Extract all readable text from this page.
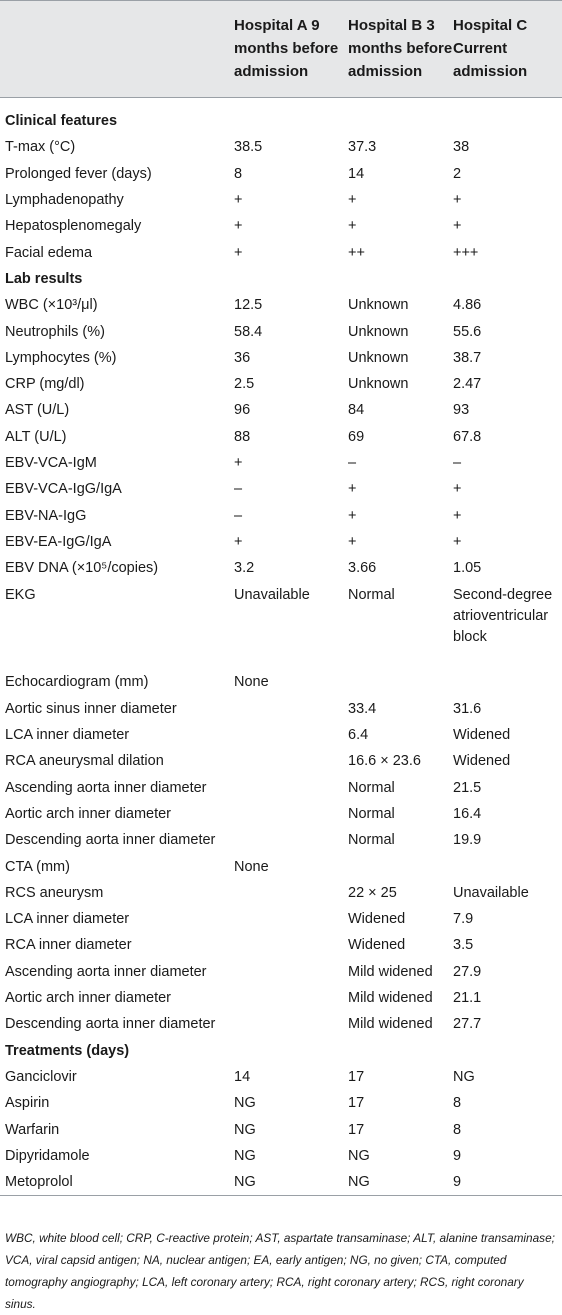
	Hospital A 9 months before admission	Hospital B 3 months before admission	Hospital C Current admission

Clinical features			
T-max (°C)	38.5	37.3	38
Prolonged fever (days)	8	14	2
Lymphadenopathy	+	+	+
Hepatosplenomegaly	+	+	+
Facial edema	+	++	+++
Lab results			
WBC (×10³/μl)	12.5	Unknown	4.86
Neutrophils (%)	58.4	Unknown	55.6
Lymphocytes (%)	36	Unknown	38.7
CRP (mg/dl)	2.5	Unknown	2.47
AST (U/L)	96	84	93
ALT (U/L)	88	69	67.8
EBV-VCA-IgM	+	–	–
EBV-VCA-IgG/IgA	–	+	+
EBV-NA-IgG	–	+	+
EBV-EA-IgG/IgA	+	+	+
EBV DNA (×10⁵/copies)	3.2	3.66	1.05
EKG	Unavailable	Normal	Second-degree atrioventricular block
Echocardiogram (mm)	None		
Aortic sinus inner diameter		33.4	31.6
LCA inner diameter		6.4	Widened
RCA aneurysmal dilation		16.6 × 23.6	Widened
Ascending aorta inner diameter		Normal	21.5
Aortic arch inner diameter		Normal	16.4
Descending aorta inner diameter		Normal	19.9
CTA (mm)	None		
RCS aneurysm		22 × 25	Unavailable
LCA inner diameter		Widened	7.9
RCA inner diameter		Widened	3.5
Ascending aorta inner diameter		Mild widened	27.9
Aortic arch inner diameter		Mild widened	21.1
Descending aorta inner diameter		Mild widened	27.7
Treatments (days)			
Ganciclovir	14	17	NG
Aspirin	NG	17	8
Warfarin	NG	17	8
Dipyridamole	NG	NG	9
Metoprolol	NG	NG	9
WBC, white blood cell; CRP, C-reactive protein; AST, aspartate transaminase; ALT, alanine transaminase; VCA, viral capsid antigen; NA, nuclear antigen; EA, early antigen; NG, no given; CTA, computed tomography angiography; LCA, left coronary artery; RCA, right coronary artery; RCS, right coronary sinus.
